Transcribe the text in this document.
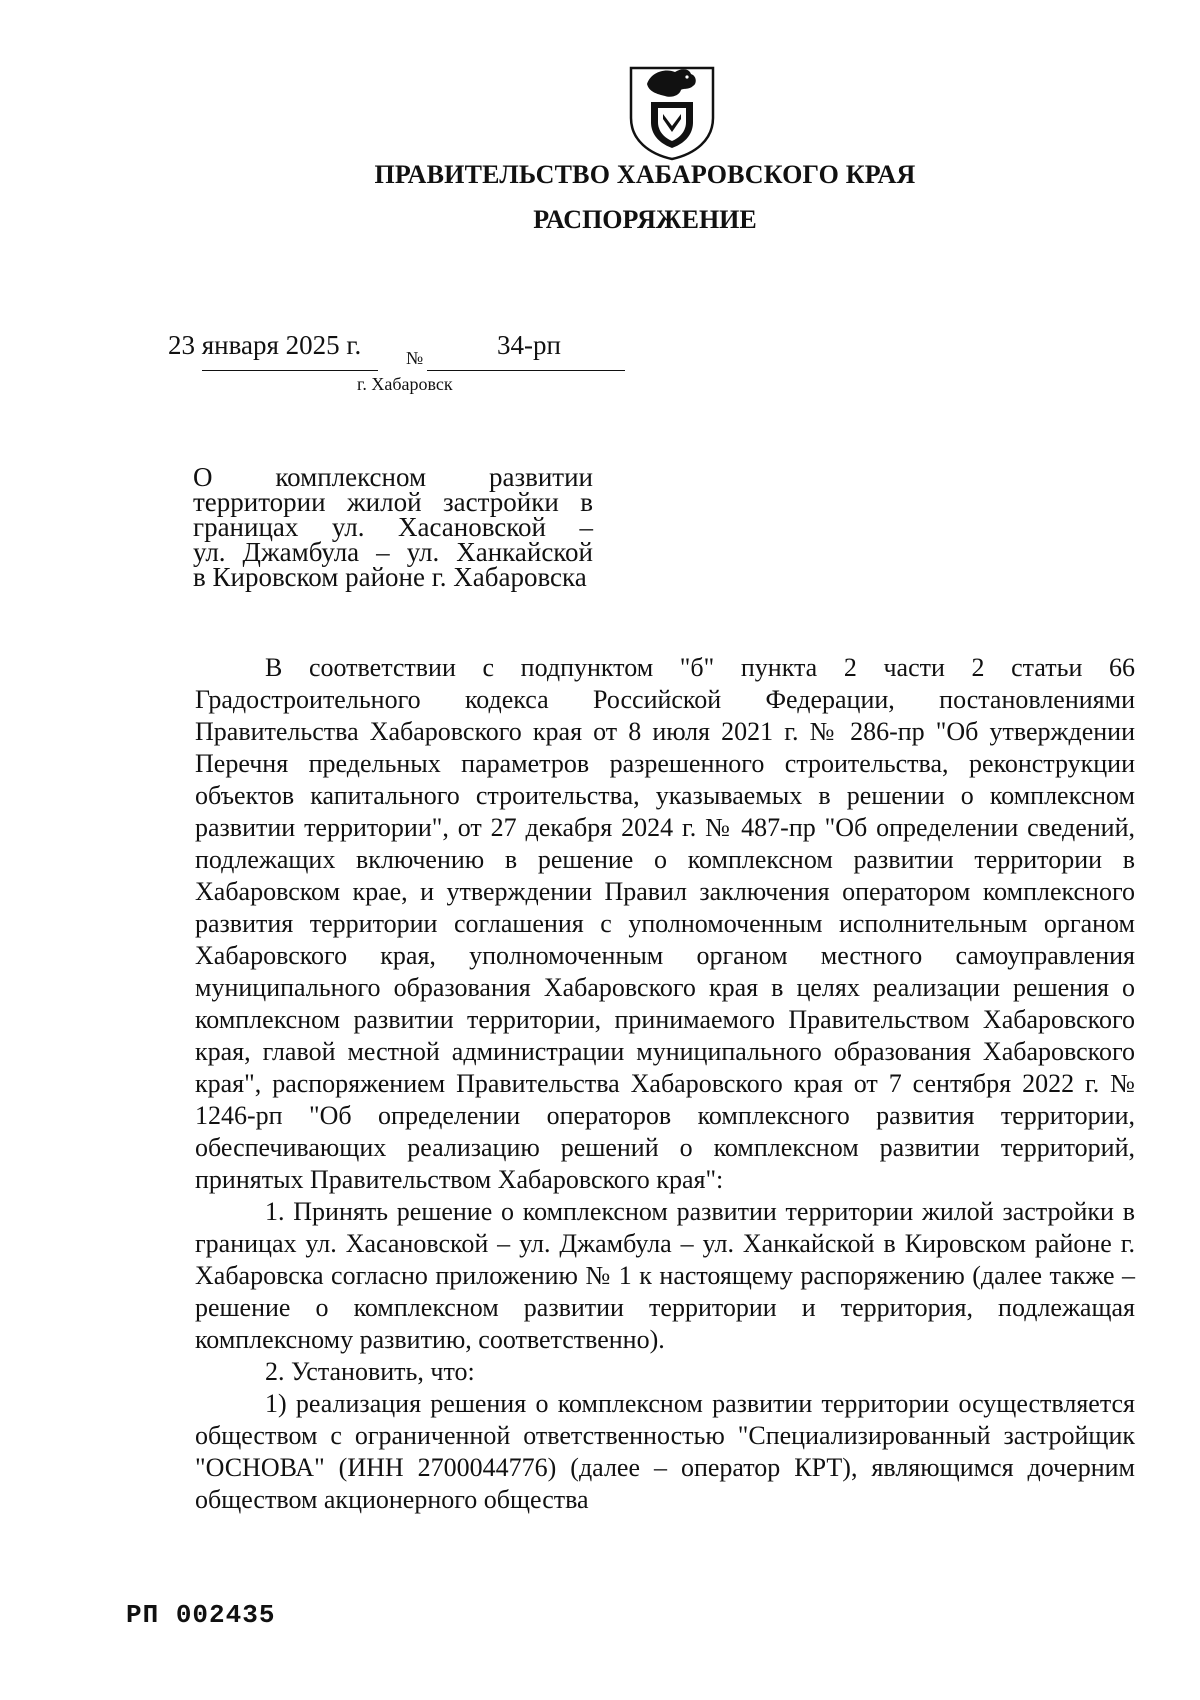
ПРАВИТЕЛЬСТВО ХАБАРОВСКОГО КРАЯ
РАСПОРЯЖЕНИЕ
23 января 2025 г. №	34-рп
г. Хабаровск
О комплексном развитии
территории жилой застройки в
границах ул. Хасановской –
ул. Джамбула – ул. Ханкайской
в Кировском районе г. Хабаровска

В соответствии с подпунктом "б" пункта 2 части 2 статьи 66 Градостроительного кодекса Российской Федерации, постановлениями Правительства Хабаровского края от 8 июля 2021 г. № 286-пр "Об утверждении Перечня предельных параметров разрешенного строительства, реконструкции объектов капитального строительства, указываемых в решении о комплексном развитии территории", от 27 декабря 2024 г. № 487-пр "Об определении сведений, подлежащих включению в решение о комплексном развитии территории в Хабаровском крае, и утверждении Правил заключения оператором комплексного развития территории соглашения с уполномоченным исполнительным органом Хабаровского края, уполномоченным органом местного самоуправления муниципального образования Хабаровского края в целях реализации решения о комплексном развитии территории, принимаемого Правительством Хабаровского края, главой местной администрации муниципального образования Хабаровского края", распоряжением Правительства Хабаровского края от 7 сентября 2022 г. № 1246-рп "Об определении операторов комплексного развития территории, обеспечивающих реализацию решений о комплексном развитии территорий, принятых Правительством Хабаровского края":

1. Принять решение о комплексном развитии территории жилой застройки в границах ул. Хасановской – ул. Джамбула – ул. Ханкайской в Кировском районе г. Хабаровска согласно приложению № 1 к настоящему распоряжению (далее также – решение о комплексном развитии территории и территория, подлежащая комплексному развитию, соответственно).

2. Установить, что:

1) реализация решения о комплексном развитии территории осуществляется обществом с ограниченной ответственностью "Специализированный застройщик "ОСНОВА" (ИНН 2700044776) (далее – оператор КРТ), являющимся дочерним обществом акционерного общества

РП 002435
